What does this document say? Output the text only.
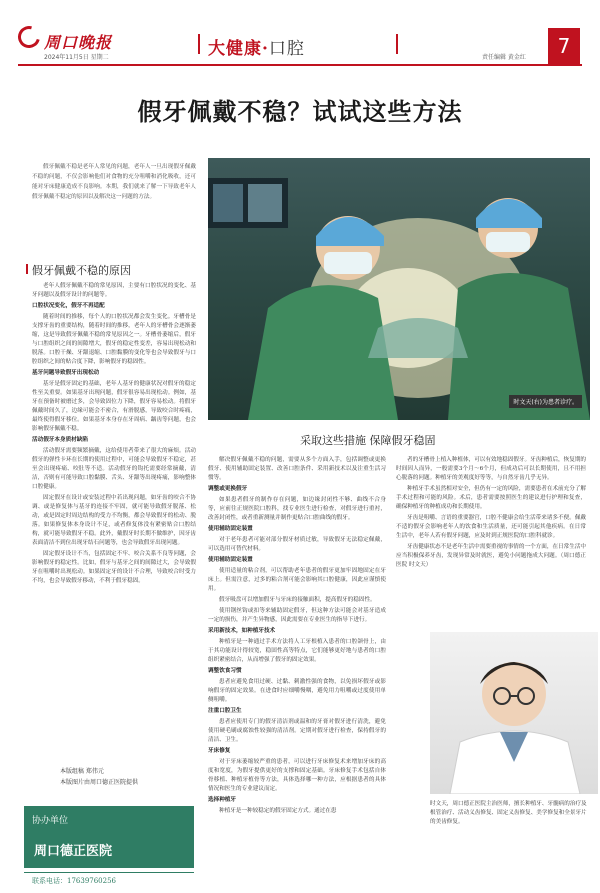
周口晚报
2024年11月5日 星期二	大健康·口腔	责任编辑 黄金红	7
假牙佩戴不稳？试试这些方法
假牙佩戴不稳是老年人常见的问题，老年人一旦出现假牙佩戴不稳的问题，不仅会影响他们对食物的充分咀嚼和消化吸收，还可能对牙床健康造成不良影响。本期，我们就来了解一下导致老年人假牙佩戴不稳定的原因以及解决这一问题的方法。
时文天(右)为患者诊疗。
假牙佩戴不稳的原因

老年人假牙佩戴不稳的常见原因，主要有口腔状况的变化、基牙问题以及假牙设计的问题等。

口腔状况变化，假牙不再适配

随着时间的推移，每个人的口腔状况都会发生变化。牙槽骨是支撑牙齿的重要结构，随着时间的推移，老年人的牙槽骨会逐渐萎缩，这是导致假牙佩戴不稳的常见原因之一。牙槽骨萎缩后，假牙与口腔组织之间的间隙增大，假牙的稳定性变差，容易出现松动和脱落。口腔干燥、牙龈退缩、口腔黏膜的变化等也会导致假牙与口腔组织之间的贴合度下降，影响假牙的稳固性。

基牙问题导致假牙出现松动

基牙是假牙固定的基础，老年人基牙的健康状况对假牙的稳定性至关重要。如果基牙出现问题，假牙很容易出现松动。例如，基牙在预备时被磨过多，会导致固位力下降，假牙容易松动。将假牙佩戴时间久了，边缘可能会不密合，有滑脱感，导致咬合时疼痛，最终使得假牙移位。如果基牙本身存在牙周病、龋齿等问题，也会影响假牙佩戴不稳。

活动假牙本身质材缺陷

活动假牙需要频繁摘戴，这给使用者带来了很大的麻烦。活动假牙的弹性卡环在长期的使用过程中，可能会导致假牙不稳定，甚至会出现疼痛、咬肚等不适。活动假牙的钩托需要经常摘戴，清洁，否则有可能导致口腔黏膜、舌头、牙龈等出现疼痛，影响整体口腔健康。

固定假牙在设计或安装过程中若出现问题，如牙齿的咬合不协调、或是修复体与基牙的连接不牢固，就可能导致假牙脱落、松动，或是固定时周边结构的受力不均衡，都会导致假牙的松动、脱落。如果修复体本身设计不足，或者修复体没有紧密贴合口腔结构，就可能导致假牙不稳。此外，戴假牙时长期不做维护，因牙齿表面清洁不到位出现牙结石问题等，也会导致假牙出现问题。

固定假牙设计不当，包括固定不牢、咬合关系不良等问题，会影响假牙的稳定性。比如，假牙与基牙之间的间隙过大，会导致假牙在咀嚼时出现松动。如果固定牙的设计不合理，导致咬合时受力不均，也会导致假牙移动，不利于假牙稳固。

本版组稿 郑伟元
本版图片由周口德正医院提供
协办单位
周口德正医院
联系电话：17639760256
采取这些措施 保障假牙稳固

解决假牙佩戴不稳的问题，需要从多个方面入手，包括调整或更换假牙、使用辅助固定装置、改善口腔条件、采用新技术以及注重生活习惯等。

调整或更换假牙

如果患者假牙的制作存在问题，如边缘封闭性不够、曲线不合身等，应前往正规医院口腔科，找专业医生进行检查，对假牙进行重衬，改善封闭性，或者重新测量并制作更贴合口腔曲线的假牙。

使用辅助固定装置

对于老年患者可能对部分假牙材质过敏，导致假牙无法稳定佩戴，可以选用可替代材料。

使用辅助固定装置

使用适量的粘合剂，可以帮助老年患者的假牙更加牢固地固定在牙床上。但需注意，过多的粘合剂可能会影响其口腔健康，因此应谨慎使用。

假牙吸盘可以增加假牙与牙床的接触面积，提高假牙的稳固性。

使用钢丝钩或扣等来辅助固定假牙，但这种方法可能会对基牙造成一定的损伤，并产生异物感，因此需要在专业医生的指导下进行。

采用新技术，如种植牙技术

种植牙是一种通过手术方法将人工牙根植入患者的口腔颌骨上，由于其功能设计得较宽，稳固性高等特点，它们能够更好地与患者的口腔组织紧密结合，从而增强了假牙的固定效果。

调整饮食习惯

患者应避免食用过硬、过黏、刺激性强的食物，以免损坏假牙或影响假牙的固定效果。在进食时应细嚼慢咽，避免用力咀嚼或过度使用单侧咀嚼。

注重口腔卫生

患者应使用专门的假牙清洁剂或温和的牙膏对假牙进行清洗，避免使用硬毛刷或腐蚀性较强的清洁剂。定期对假牙进行检查，保持假牙的清洁、卫生。

牙床修复

对于牙床萎缩较严重的患者，可以进行牙床修复术来增加牙床的高度和宽度，为假牙提供更好的支撑和固定基础。牙床修复手术包括自体骨移植、种植牙植骨等方法，具体选择哪一种方法，应根据患者的具体情况和医生的专业建议而定。

选择种植牙

种植牙是一种较稳定的假牙固定方式。通过在患

者的牙槽骨上植入种植体，可以有效地稳固假牙。牙齿种植后，恢复期的时间因人而异，一般需要3个月～6个月，但成功后可以长期使用，且不用担心脱落的问题。种植牙的美观度好等等，与自然牙齿几乎无异。

种植牙手术虽然相对安全，但仍有一定的风险，需要患者在术前充分了解手术过程和可能的风险。术后，患者需要按照医生的建议进行护理和复查，确保种植牙的种植成功和长期使用。

牙齿是咀嚼、言语的重要器官，口腔不健康会给生活带来诸多不便。佩戴不适的假牙会影响老年人的饮食和生活质量，还可能引起其他疾病。在日常生活中，老年人若有假牙问题，应及时到正规医院的口腔科就诊。

牙齿健康状态不是老年生活中需要重视的事情的一个方面，在日常生活中应当积极保养牙齿，发现异常及时就医，避免小问题拖成大问题。（周口德正医院 时文天）

时文天，周口德正医院主治医师，擅长种植牙、牙髓病的治疗及根管治疗、活动义齿修复、固定义齿修复、美学修复和全景牙片的美齿修复。
